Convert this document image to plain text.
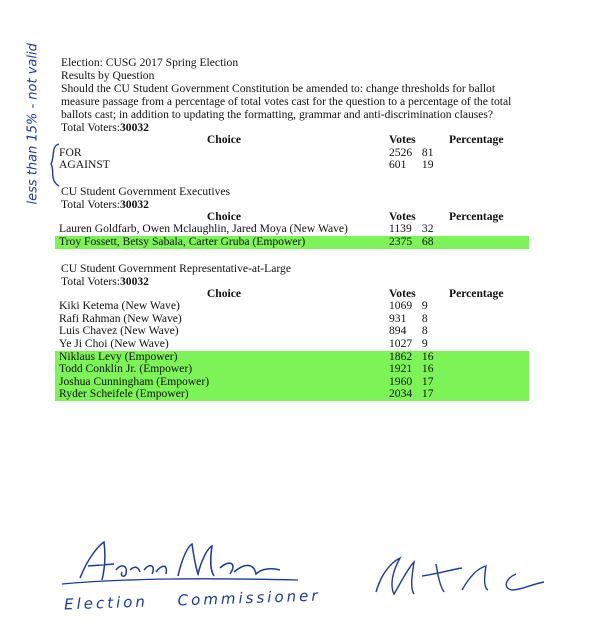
Election: CUSG 2017 Spring Election
Results by Question
Should the CU Student Government Constitution be amended to: change thresholds for ballot measure passage from a percentage of total votes cast for the question to a percentage of the total ballots cast; in addition to updating the formatting, grammar and anti-discrimination clauses?
Total Voters:30032
Choice	Votes	Percentage
FOR	2526 81	
AGAINST	601 19	
CU Student Government Executives
Total Voters:30032
Choice	Votes	Percentage
Lauren Goldfarb, Owen Mclaughlin, Jared Moya (New Wave)	1139 32	
Troy Fossett, Betsy Sabala, Carter Gruba (Empower)	2375 68	
CU Student Government Representative-at-Large
Total Voters:30032
Choice	Votes	Percentage
Kiki Ketema (New Wave)	1069 9	
Rafi Rahman (New Wave)	931 8	
Luis Chavez (New Wave)	894 8	
Ye Ji Choi (New Wave)	1027 9	
Niklaus Levy (Empower)	1862 16	
Todd Conklin Jr. (Empower)	1921 16	
Joshua Cunningham (Empower)	1960 17	
Ryder Scheifele (Empower)	2034 17	
less than 15% - not valid
Election Commissioner
